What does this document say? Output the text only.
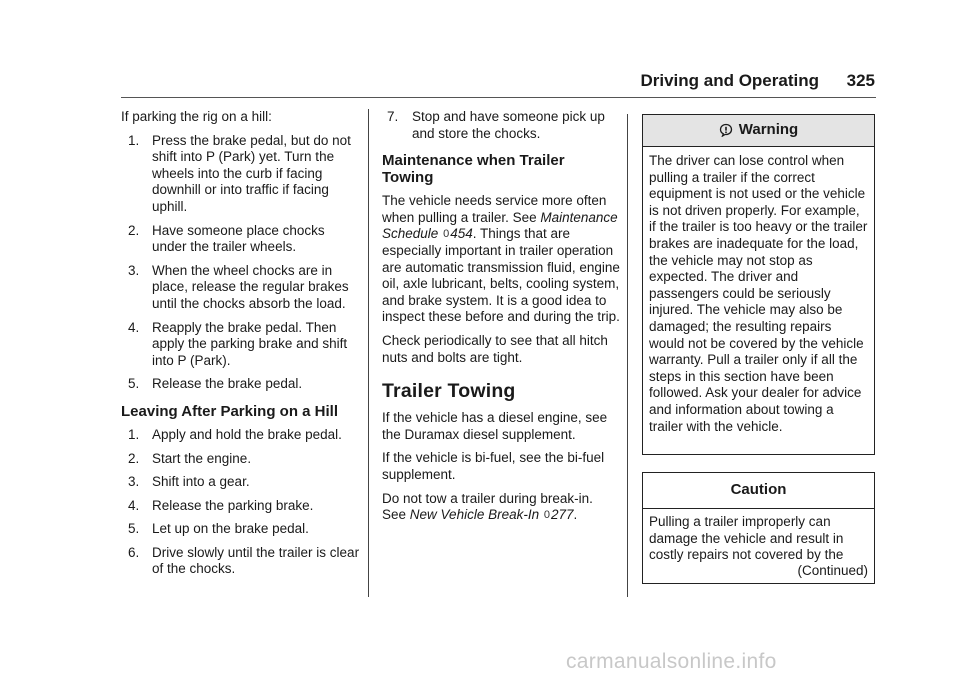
Driving and Operating 325

If parking the rig on a hill:

1. Press the brake pedal, but do not shift into P (Park) yet. Turn the wheels into the curb if facing downhill or into traffic if facing uphill.
2. Have someone place chocks under the trailer wheels.
3. When the wheel chocks are in place, release the regular brakes until the chocks absorb the load.
4. Reapply the brake pedal. Then apply the parking brake and shift into P (Park).
5. Release the brake pedal.
Leaving After Parking on a Hill
1. Apply and hold the brake pedal.
2. Start the engine.
3. Shift into a gear.
4. Release the parking brake.
5. Let up on the brake pedal.
6. Drive slowly until the trailer is clear of the chocks.
7. Stop and have someone pick up and store the chocks.
Maintenance when Trailer Towing

The vehicle needs service more often when pulling a trailer. See Maintenance Schedule 0454. Things that are especially important in trailer operation are automatic transmission fluid, engine oil, axle lubricant, belts, cooling system, and brake system. It is a good idea to inspect these before and during the trip.

Check periodically to see that all hitch nuts and bolts are tight.

Trailer Towing

If the vehicle has a diesel engine, see the Duramax diesel supplement.

If the vehicle is bi-fuel, see the bi-fuel supplement.

Do not tow a trailer during break-in. See New Vehicle Break-In 0277.

Warning
The driver can lose control when pulling a trailer if the correct equipment is not used or the vehicle is not driven properly. For example, if the trailer is too heavy or the trailer brakes are inadequate for the load, the vehicle may not stop as expected. The driver and passengers could be seriously injured. The vehicle may also be damaged; the resulting repairs would not be covered by the vehicle warranty. Pull a trailer only if all the steps in this section have been followed. Ask your dealer for advice and information about towing a trailer with the vehicle.
Caution
Pulling a trailer improperly can damage the vehicle and result in costly repairs not covered by the
(Continued)
carmanualsonline.info
